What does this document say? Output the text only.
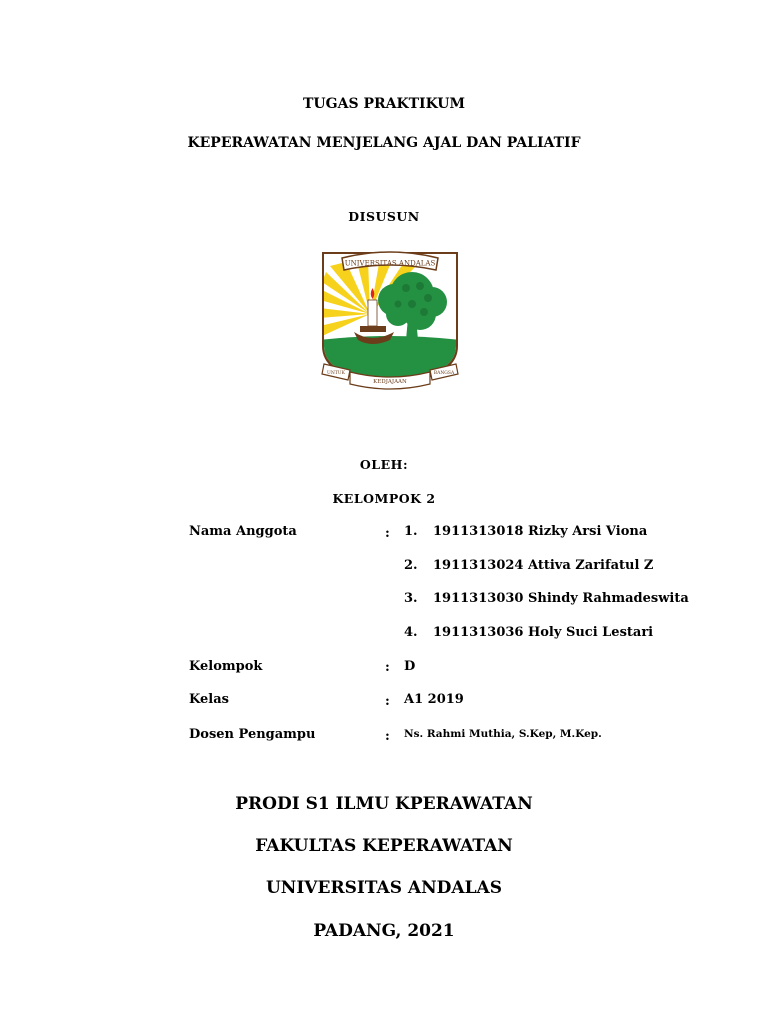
TUGAS PRAKTIKUM
KEPERAWATAN MENJELANG AJAL DAN PALIATIF
DISUSUN
UNIVERSITAS ANDALAS
UNTUK
KEDJAJAAN
BANGSA
OLEH:
KELOMPOK 2
Nama Anggota	: 1. 1911313018 Rizky Arsi Viona
2. 1911313024 Attiva Zarifatul Z
3. 1911313030 Shindy Rahmadeswita
4. 1911313036 Holy Suci Lestari
Kelompok	: D
Kelas	: A1 2019
Dosen Pengampu	: Ns. Rahmi Muthia, S.Kep, M.Kep.
PRODI S1 ILMU KPERAWATAN
FAKULTAS KEPERAWATAN
UNIVERSITAS ANDALAS
PADANG, 2021
